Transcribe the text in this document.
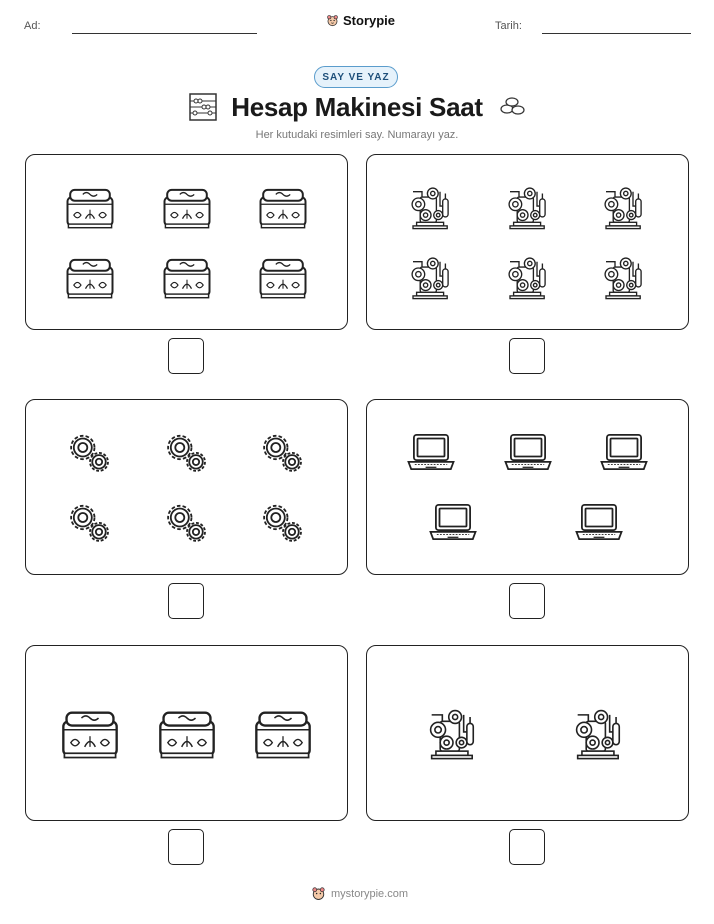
Ad:	Storypie	Tarih:
SAY VE YAZ
Hesap Makinesi Saat
Her kutudaki resimleri say. Numarayı yaz.
mystorypie.com
